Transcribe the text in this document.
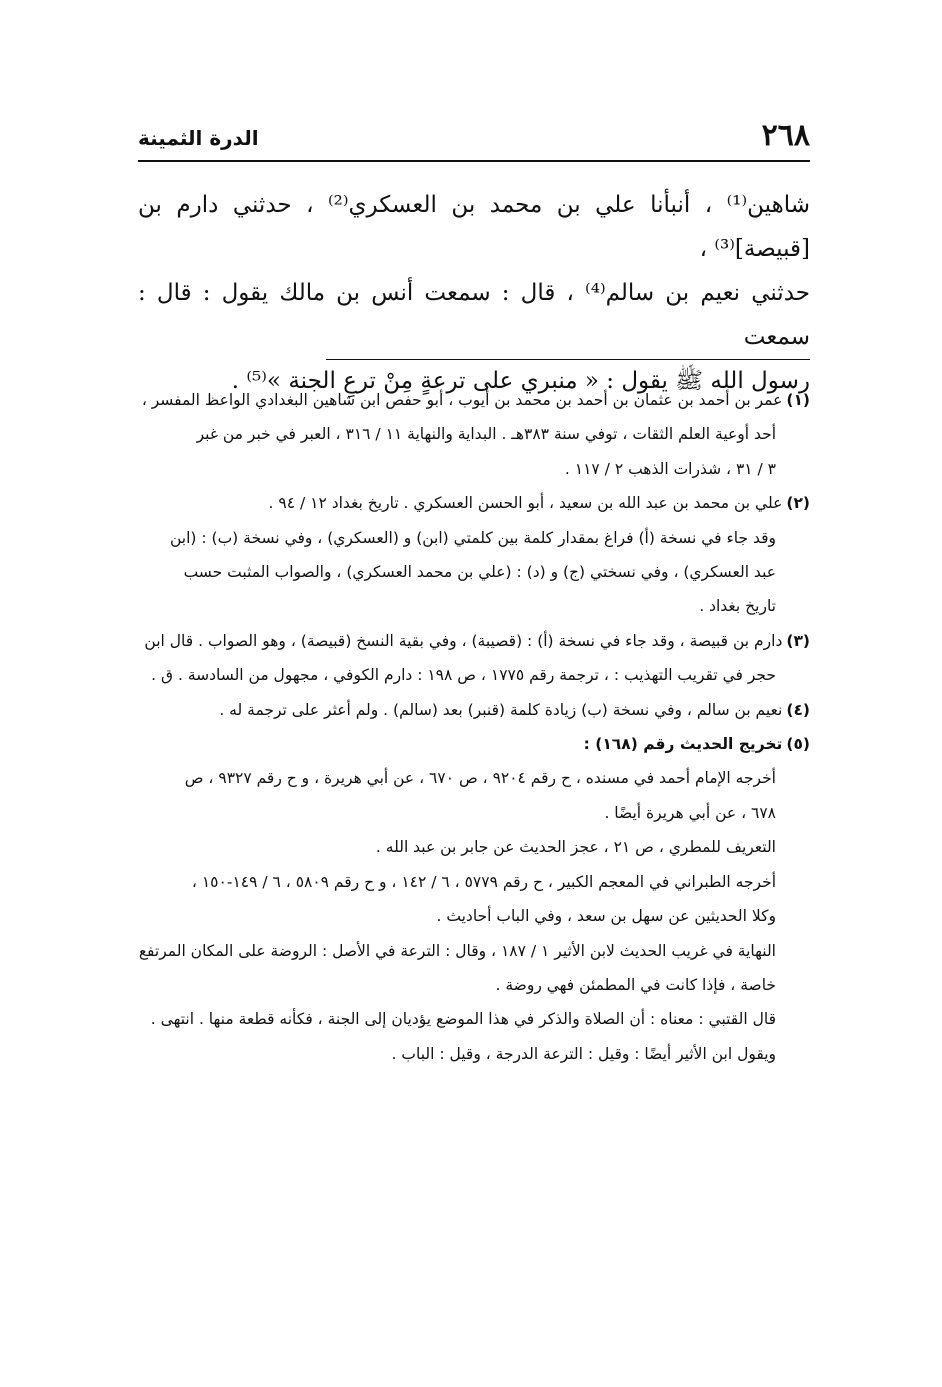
٢٦٨
الدرة الثمينة

شاهين⁽¹⁾ ، أنبأنا علي بن محمد بن العسكري⁽²⁾ ، حدثني دارم بن [قبيصة]⁽³⁾ ،

حدثني نعيم بن سالم⁽⁴⁾ ، قال : سمعت أنس بن مالك يقول : قال : سمعت

رسول الله ﷺ يقول : « منبري على ترعةٍ مِنْ ترعِ الجنة »⁽⁵⁾ .

(١)عمر بن أحمد بن عثمان بن أحمد بن محمد بن أيوب ، أبو حفص ابن شاهين البغدادي الواعظ المفسر ،

أحد أوعية العلم الثقات ، توفي سنة ٣٨٣هـ . البداية والنهاية ١١ / ٣١٦ ، العبر في خبر من غبر

٣ / ٣١ ، شذرات الذهب ٢ / ١١٧ .

(٢)علي بن محمد بن عبد الله بن سعيد ، أبو الحسن العسكري . تاريخ بغداد ١٢ / ٩٤ .

وقد جاء في نسخة (أ) فراغ بمقدار كلمة بين كلمتي (ابن) و (العسكري) ، وفي نسخة (ب) : (ابن

عبد العسكري) ، وفي نسختي (ج) و (د) : (علي بن محمد العسكري) ، والصواب المثبت حسب

تاريخ بغداد .

(٣)دارم بن قبيصة ، وقد جاء في نسخة (أ) : (قصيبة) ، وفي بقية النسخ (قبيصة) ، وهو الصواب . قال ابن

حجر في تقريب التهذيب : ، ترجمة رقم ١٧٧٥ ، ص ١٩٨ : دارم الكوفي ، مجهول من السادسة . ق .

(٤)نعيم بن سالم ، وفي نسخة (ب) زيادة كلمة (قنبر) بعد (سالم) . ولم أعثر على ترجمة له .

(٥)تخريج الحديث رقم (١٦٨) :

أخرجه الإمام أحمد في مسنده ، ح رقم ٩٢٠٤ ، ص ٦٧٠ ، عن أبي هريرة ، و ح رقم ٩٣٢٧ ، ص

٦٧٨ ، عن أبي هريرة أيضًا .

التعريف للمطري ، ص ٢١ ، عجز الحديث عن جابر بن عبد الله .

أخرجه الطبراني في المعجم الكبير ، ح رقم ٥٧٧٩ ، ٦ / ١٤٢ ، و ح رقم ٥٨٠٩ ، ٦ / ١٤٩-١٥٠ ،

وكلا الحديثين عن سهل بن سعد ، وفي الباب أحاديث .

النهاية في غريب الحديث لابن الأثير ١ / ١٨٧ ، وقال : الترعة في الأصل : الروضة على المكان المرتفع

خاصة ، فإذا كانت في المطمئن فهي روضة .

قال القتبي : معناه : أن الصلاة والذكر في هذا الموضع يؤديان إلى الجنة ، فكأنه قطعة منها . انتهى .

ويقول ابن الأثير أيضًا : وقيل : الترعة الدرجة ، وقيل : الباب .
